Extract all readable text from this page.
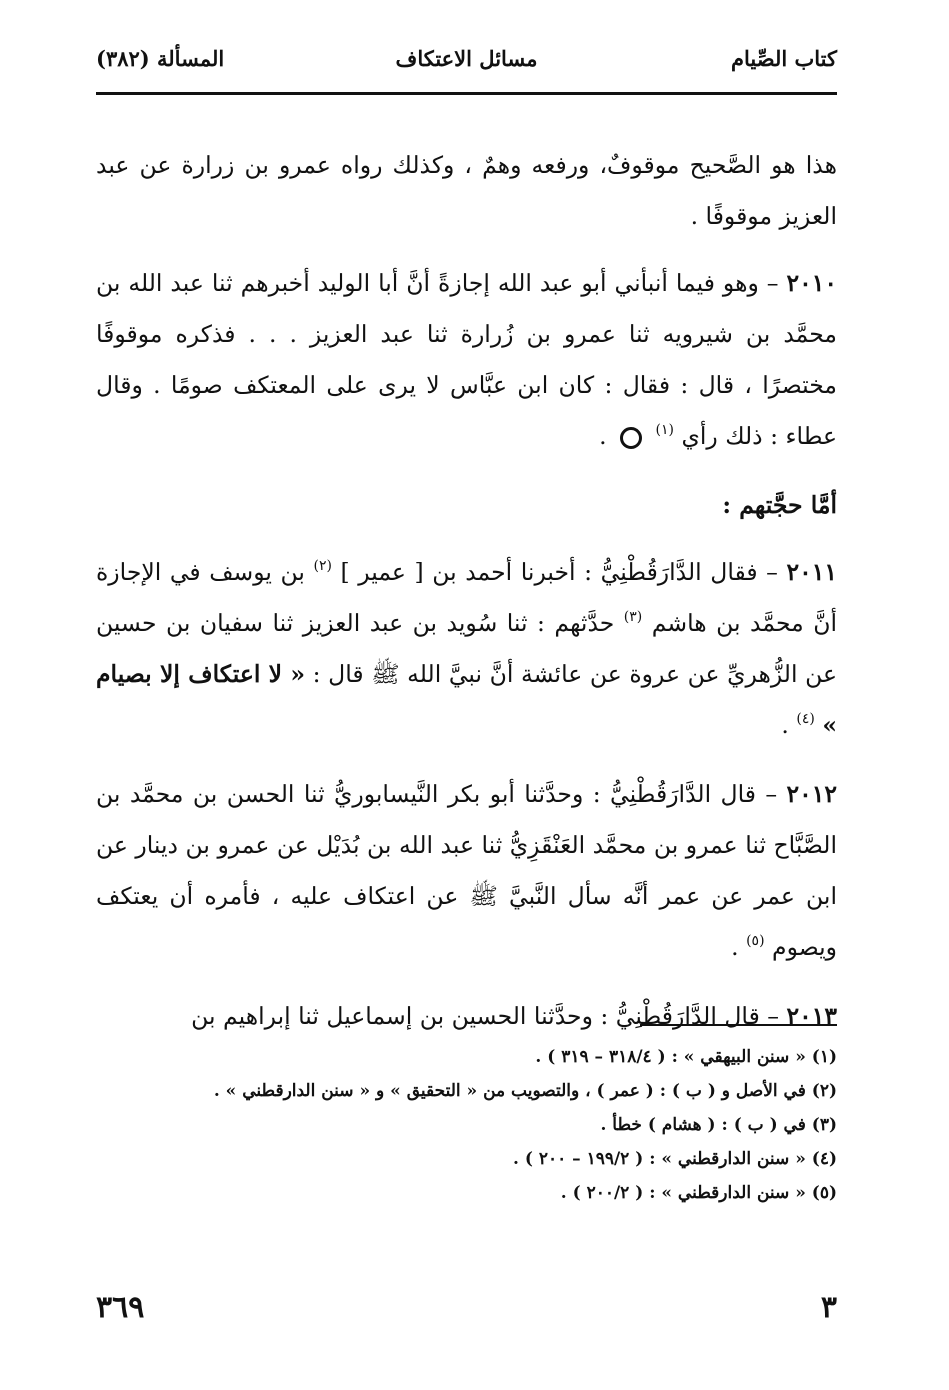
كتاب الصِّيام
مسائل الاعتكاف
المسألة (٣٨٢)

هذا هو الصَّحيح موقوفٌ، ورفعه وهمٌ ، وكذلك رواه عمرو بن زرارة عن عبد العزيز موقوفًا .

٢٠١٠ – وهو فيما أنبأني أبو عبد الله إجازةً أنَّ أبا الوليد أخبرهم ثنا عبد الله بن محمَّد بن شيرويه ثنا عمرو بن زُرارة ثنا عبد العزيز . . . فذكره موقوفًا مختصرًا ، قال : فقال : كان ابن عبَّاس لا يرى على المعتكف صومًا . وقال عطاء : ذلك رأي $^{(١)}$  .

أمَّا حجَّتهم :

٢٠١١ – فقال الدَّارَقُطْنِيُّ : أخبرنا أحمد بن [ عمير ] $^{(٢)}$ بن يوسف في الإجازة أنَّ محمَّد بن هاشم $^{(٣)}$ حدَّثهم : ثنا سُويد بن عبد العزيز ثنا سفيان بن حسين عن الزُّهريِّ عن عروة عن عائشة أنَّ نبيَّ الله ﷺ قال : « لا اعتكاف إلا بصيام » $^{(٤)}$ .

٢٠١٢ – قال الدَّارَقُطْنِيُّ : وحدَّثنا أبو بكر النَّيسابوريُّ ثنا الحسن بن محمَّد بن الصَّبَّاح ثنا عمرو بن محمَّد العَنْقَزِيُّ ثنا عبد الله بن بُدَيْل عن عمرو بن دينار عن ابن عمر عن عمر أنَّه سأل النَّبيَّ ﷺ عن اعتكاف عليه ، فأمره أن يعتكف ويصوم $^{(٥)}$ .

٢٠١٣ – قال الدَّارَقُطْنِيُّ : وحدَّثنا الحسين بن إسماعيل ثنا إبراهيم بن

(١) « سنن البيهقي » : ( ٣١٨/٤ – ٣١٩ ) .
(٢) في الأصل و ( ب ) : ( عمر ) ، والتصويب من « التحقيق » و « سنن الدارقطني » .
(٣) في ( ب ) : ( هشام ) خطأ .
(٤) « سنن الدارقطني » : ( ١٩٩/٢ – ٢٠٠ ) .
(٥) « سنن الدارقطني » : ( ٢٠٠/٢ ) .
٣
٣٦٩
